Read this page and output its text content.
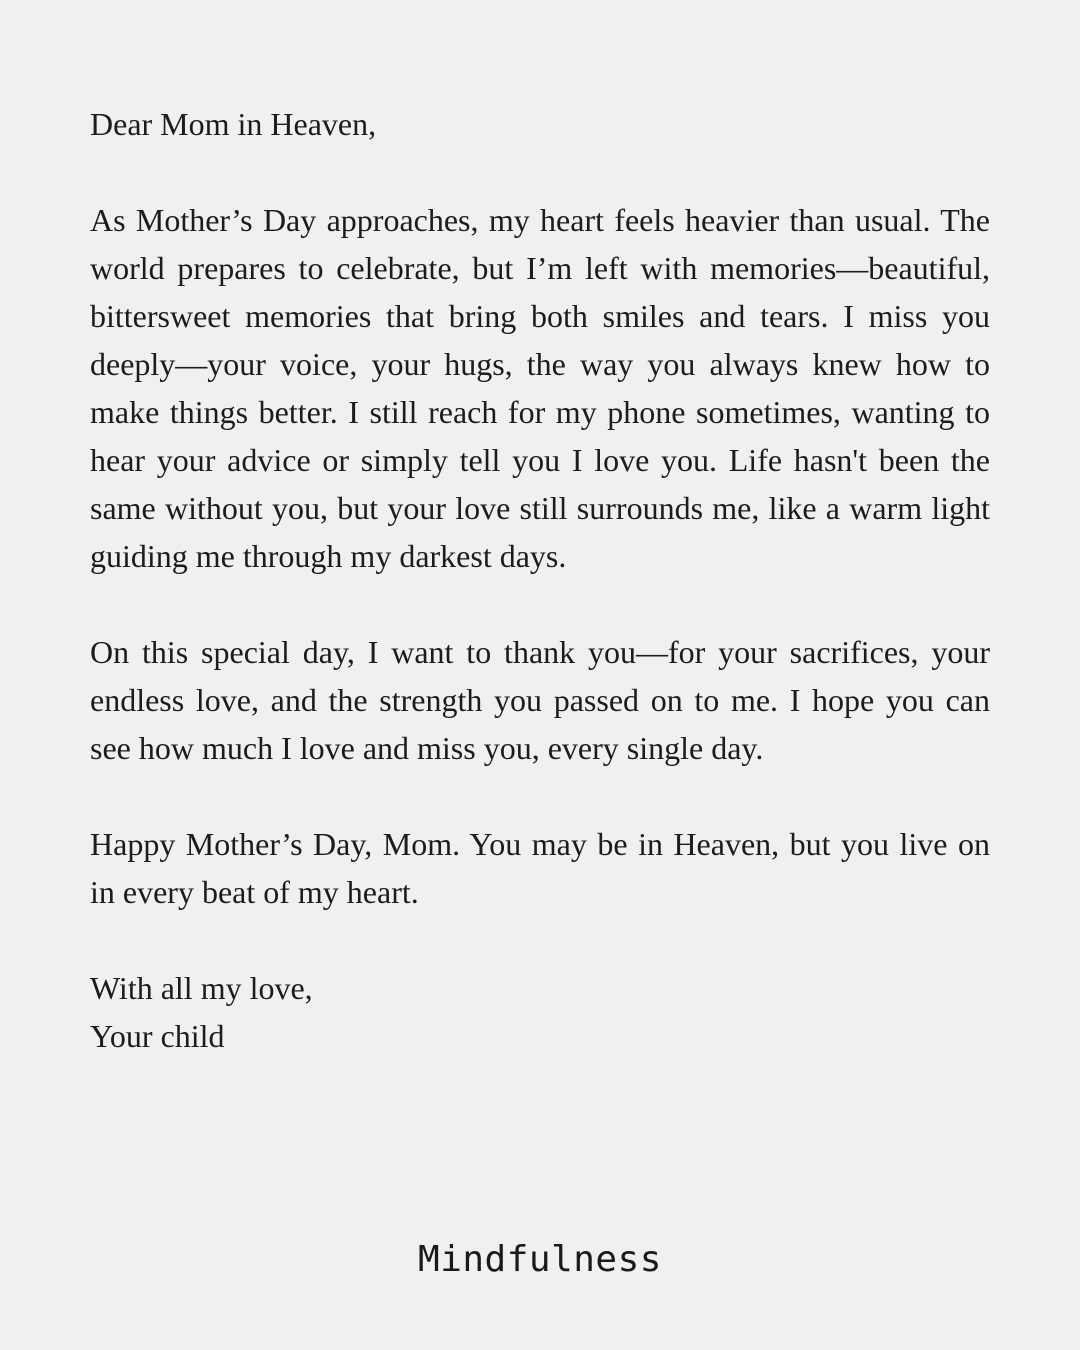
Dear Mom in Heaven,

As Mother’s Day approaches, my heart feels heavier than usual. The world prepares to celebrate, but I’m left with memories—beautiful, bittersweet memories that bring both smiles and tears. I miss you deeply—your voice, your hugs, the way you always knew how to make things better. I still reach for my phone sometimes, wanting to hear your advice or simply tell you I love you. Life hasn't been the same without you, but your love still surrounds me, like a warm light guiding me through my darkest days.

On this special day, I want to thank you—for your sacrifices, your endless love, and the strength you passed on to me. I hope you can see how much I love and miss you, every single day.

Happy Mother’s Day, Mom. You may be in Heaven, but you live on in every beat of my heart.

With all my love,

Your child

Mindfulness
